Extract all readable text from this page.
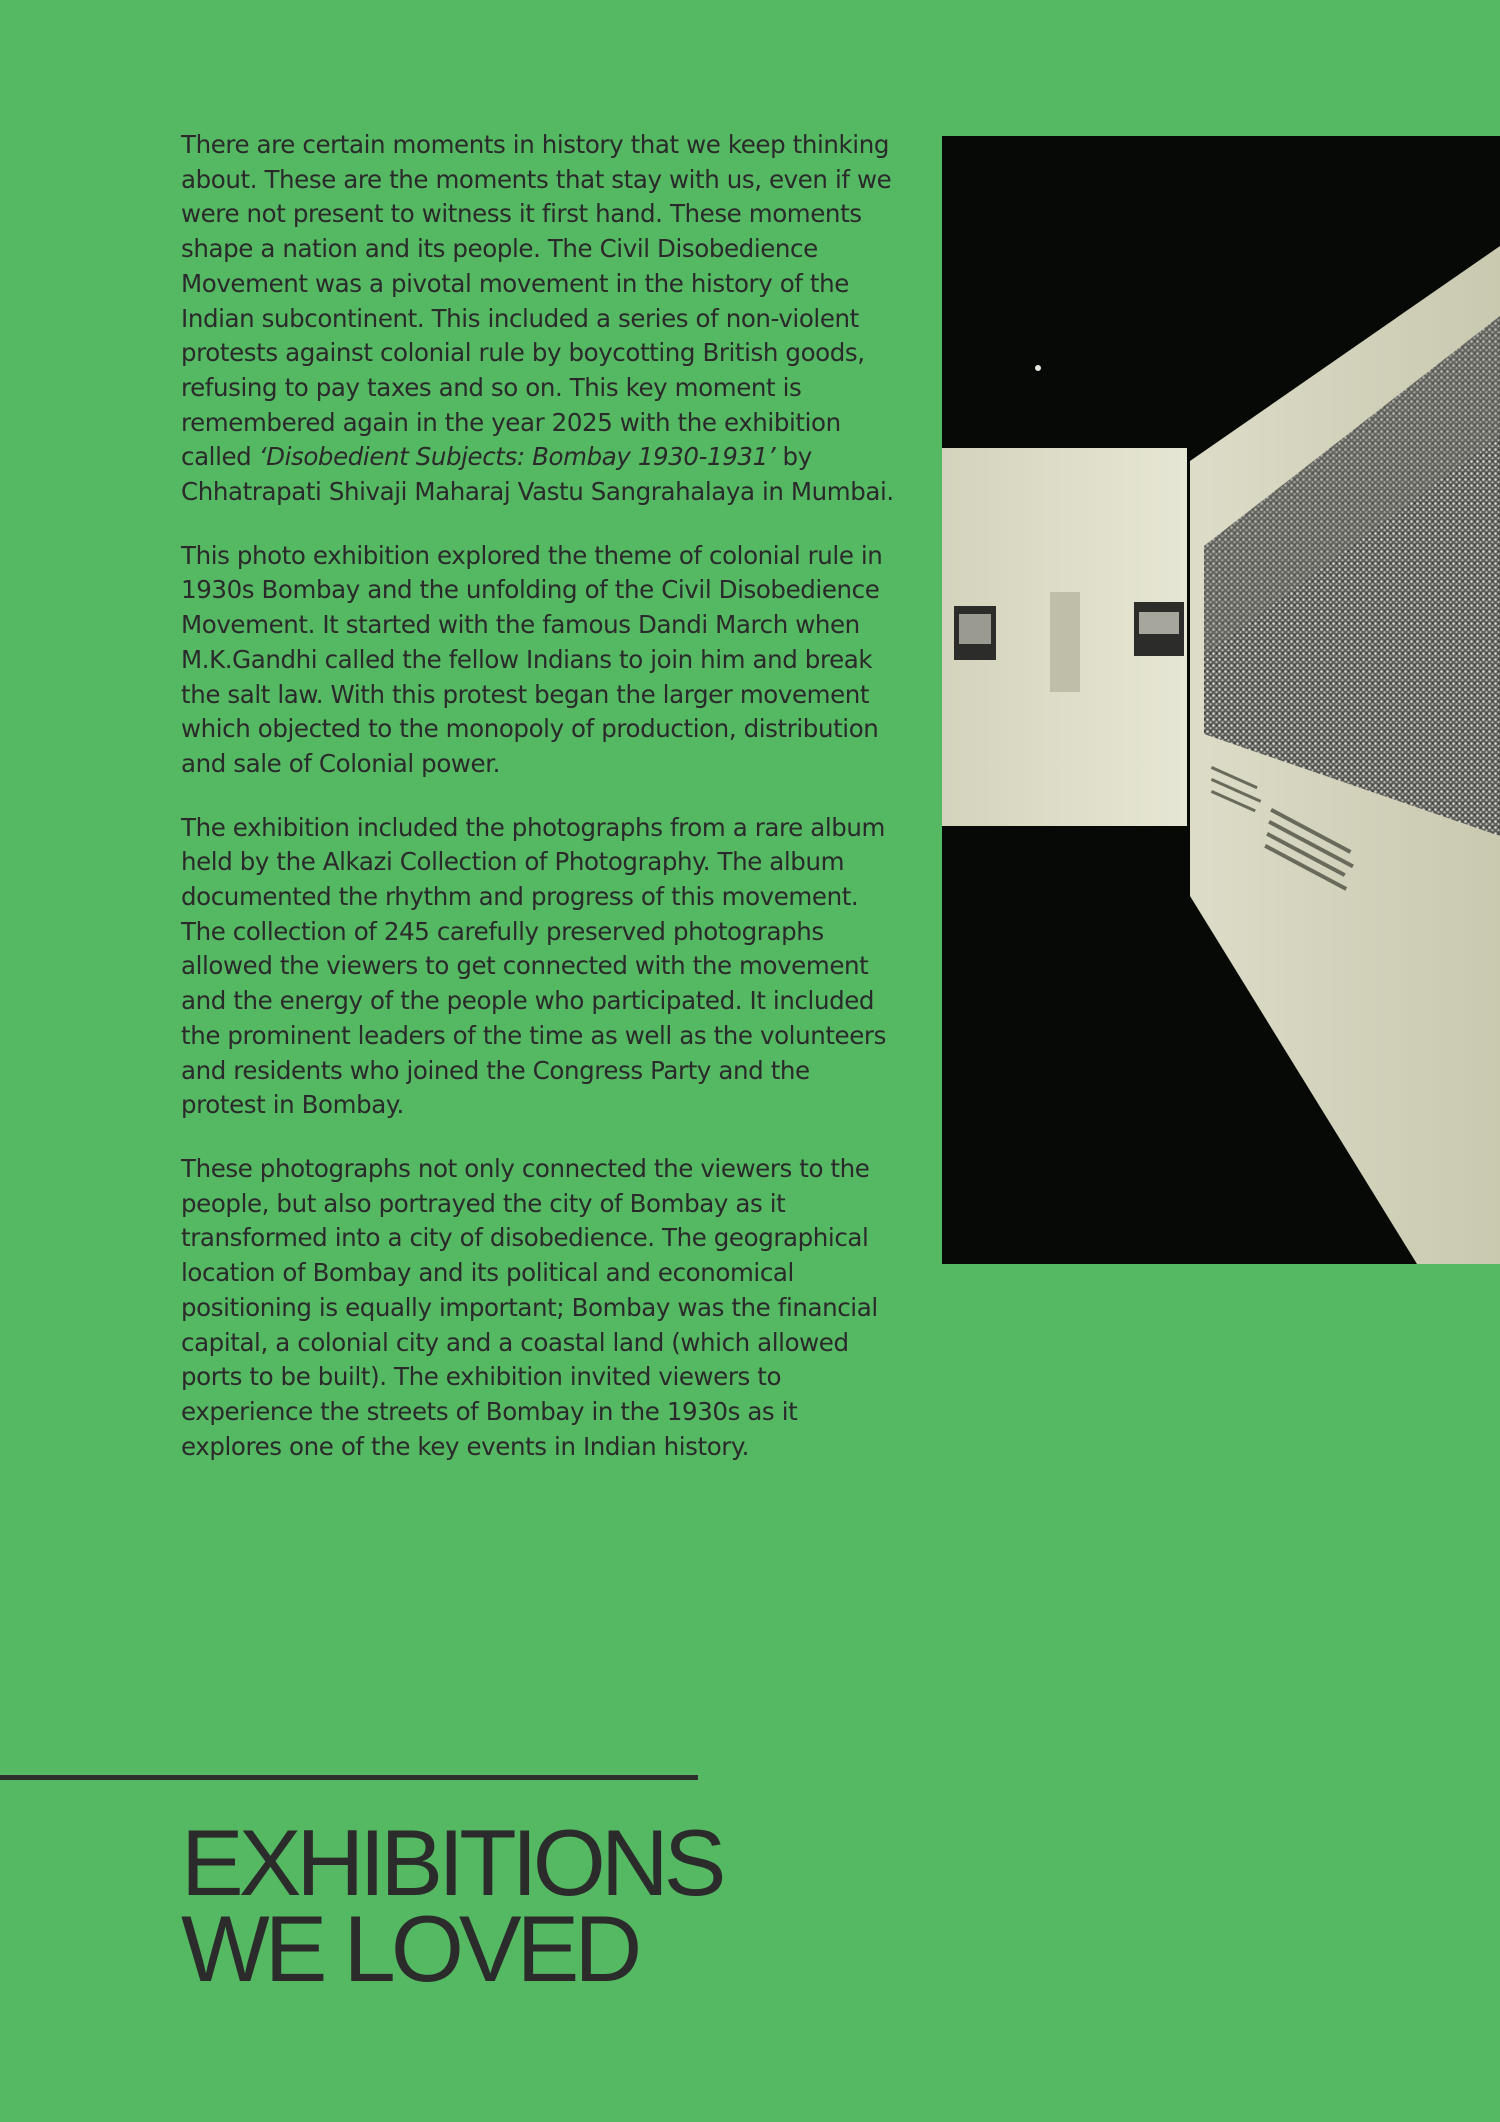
There are certain moments in history that we keep thinking about. These are the moments that stay with us, even if we were not present to witness it first hand. These moments shape a nation and its people. The Civil Disobedience Movement was a pivotal movement in the history of the Indian subcontinent. This included a series of non-violent protests against colonial rule by boycotting British goods, refusing to pay taxes and so on. This key moment is remembered again in the year 2025 with the exhibition called ‘Disobedient Subjects: Bombay 1930-1931’ by Chhatrapati Shivaji Maharaj Vastu Sangrahalaya in Mumbai.

This photo exhibition explored the theme of colonial rule in 1930s Bombay and the unfolding of the Civil Disobedience Movement. It started with the famous Dandi March when M.K.Gandhi called the fellow Indians to join him and break the salt law. With this protest began the larger movement which objected to the monopoly of production, distribution and sale of Colonial power.

The exhibition included the photographs from a rare album held by the Alkazi Collection of Photography. The album documented the rhythm and progress of this movement. The collection of 245 carefully preserved photographs allowed the viewers to get connected with the movement and the energy of the people who participated. It included the prominent leaders of the time as well as the volunteers and residents who joined the Congress Party and the protest in Bombay.

These photographs not only connected the viewers to the people, but also portrayed the city of Bombay as it transformed into a city of disobedience. The geographical location of Bombay and its political and economical positioning is equally important; Bombay was the financial capital, a colonial city and a coastal land (which allowed ports to be built). The exhibition invited viewers to experience the streets of Bombay in the 1930s as it explores one of the key events in Indian history.

EXHIBITIONS
WE LOVED
